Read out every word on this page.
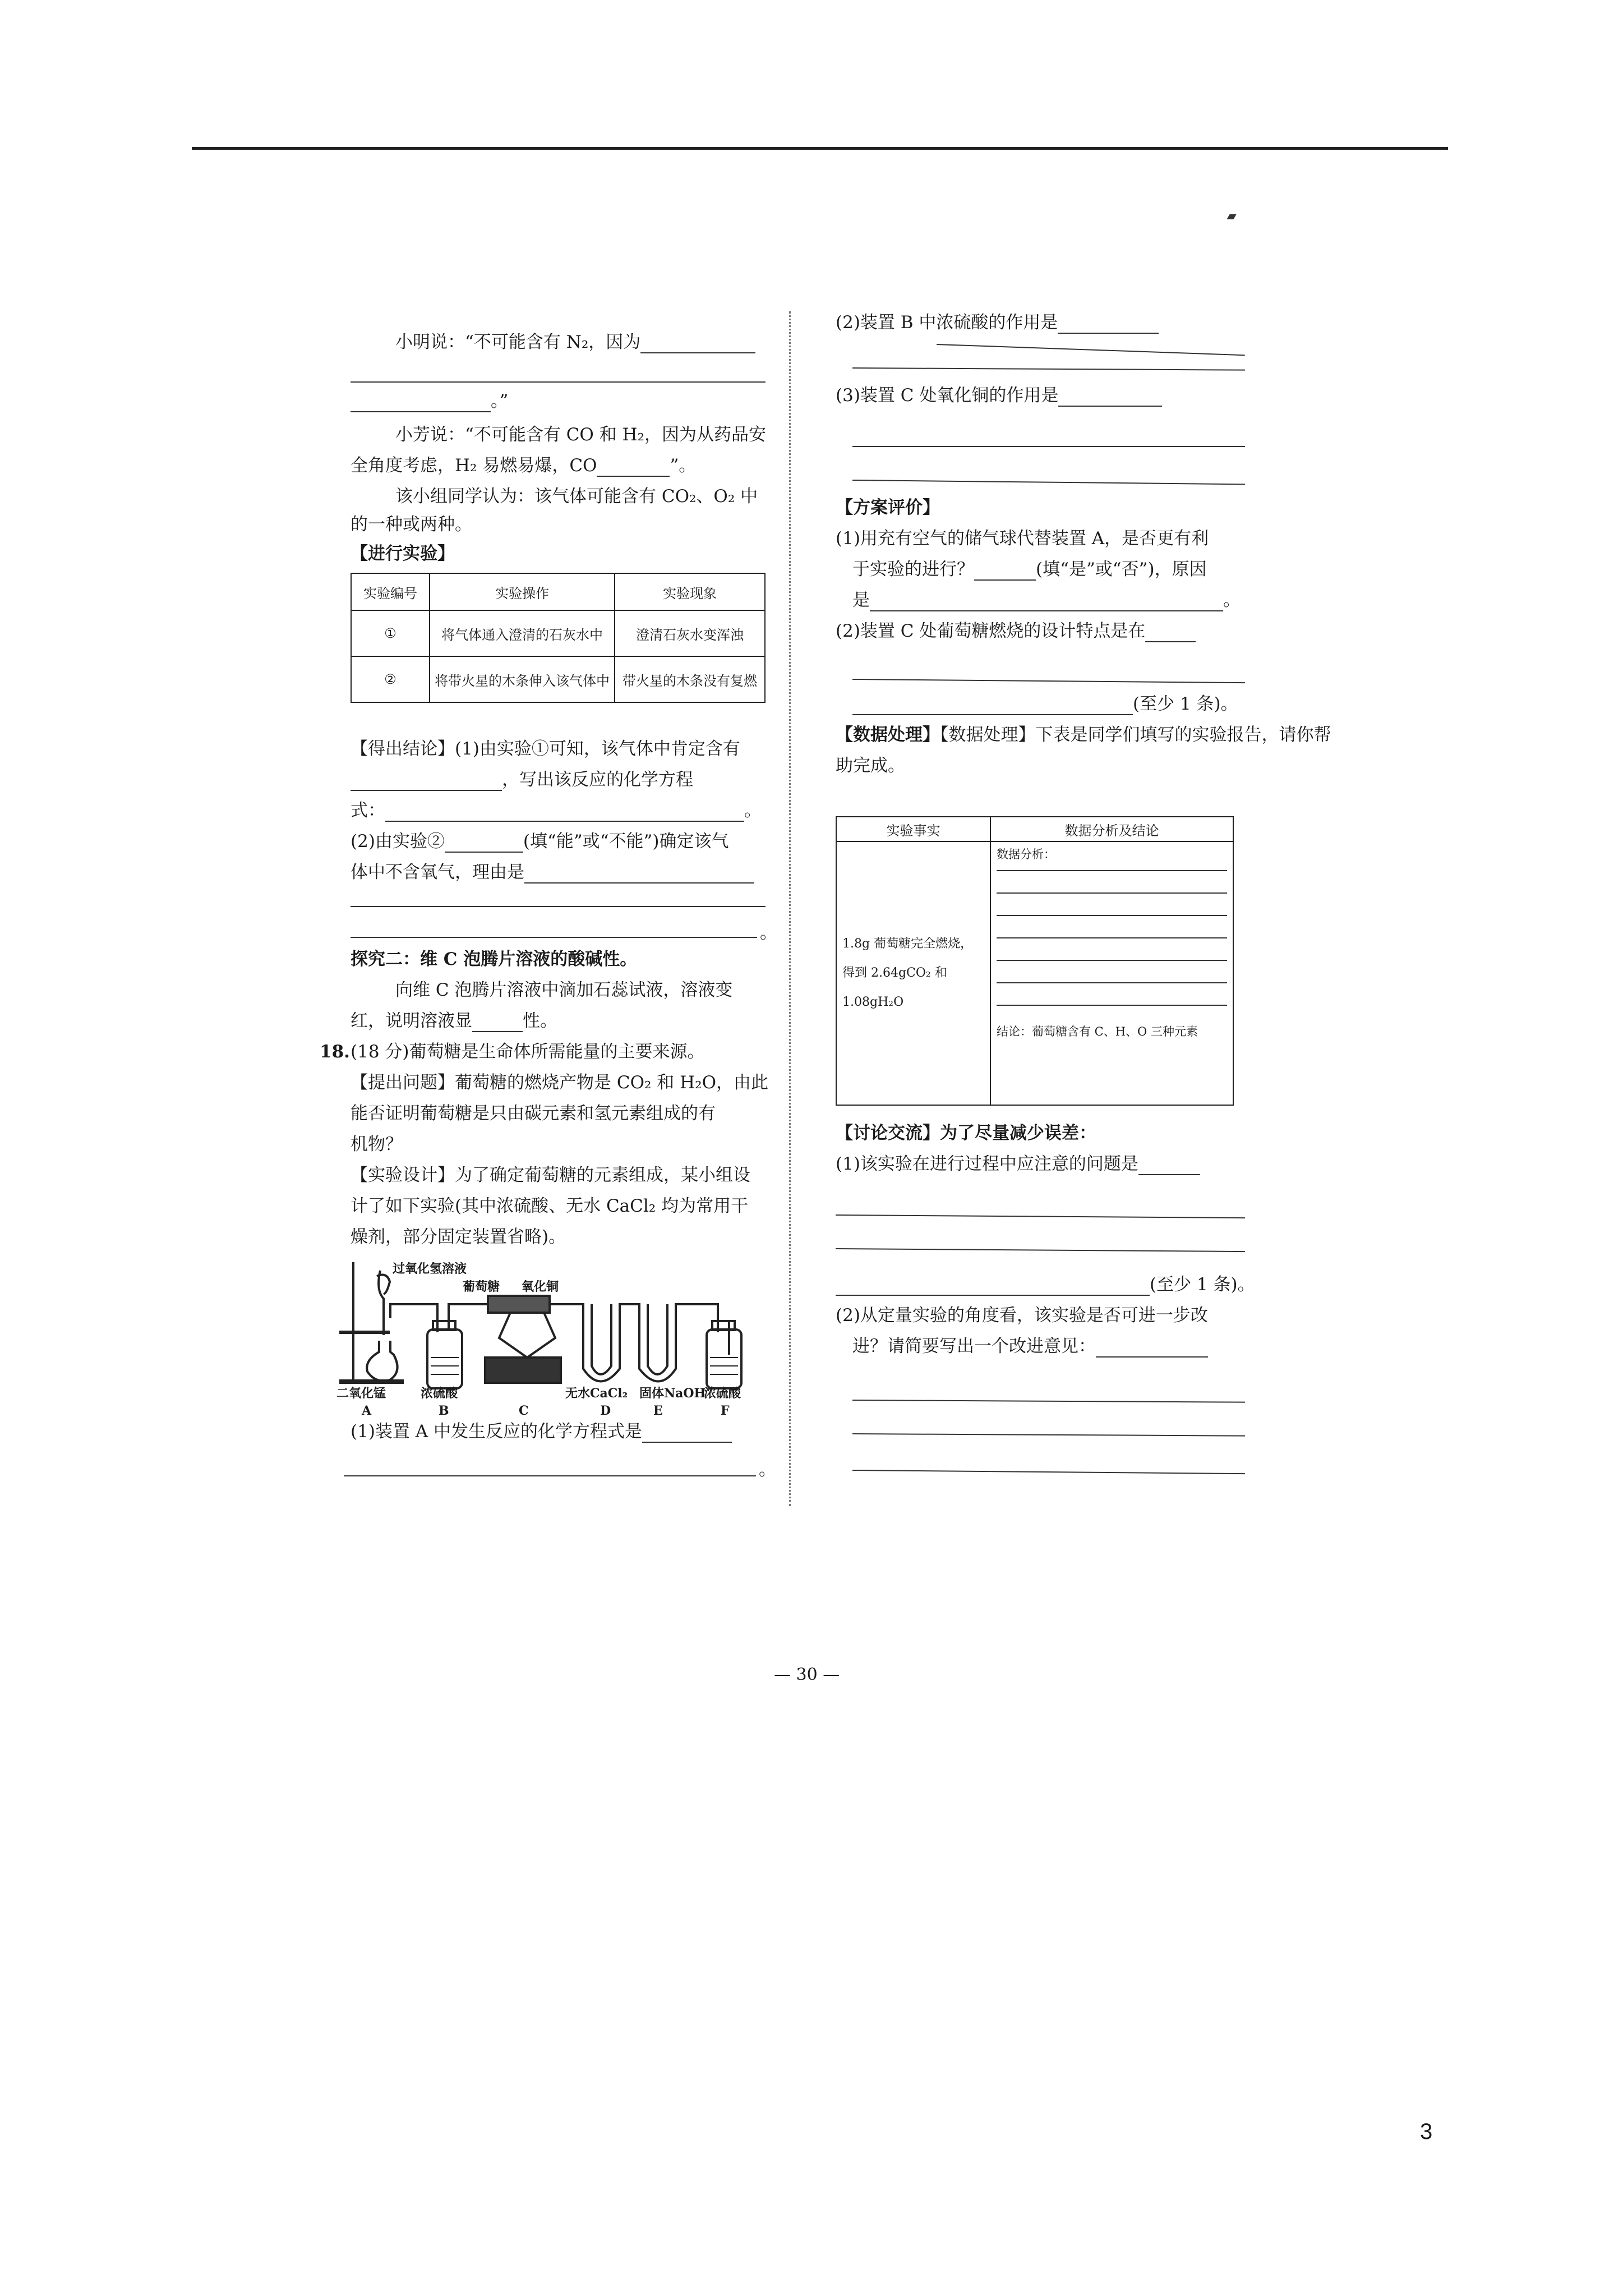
小明说：“不可能含有 N₂，因为
。”
小芳说：“不可能含有 CO 和 H₂，因为从药品安
全角度考虑，H₂ 易燃易爆，CO	”。
该小组同学认为：该气体可能含有 CO₂、O₂ 中
的一种或两种。
【进行实验】
实验编号	实验操作	实验现象
①	将气体通入澄清的石灰水中	澄清石灰水变浑浊
②	将带火星的木条伸入该气体中	带火星的木条没有复燃
【得出结论】(1)由实验①可知，该气体中肯定含有
，写出该反应的化学方程
式：	。
(2)由实验②	(填“能”或“不能”)确定该气
体中不含氧气，理由是
。
探究二：维 C 泡腾片溶液的酸碱性。
向维 C 泡腾片溶液中滴加石蕊试液，溶液变
红，说明溶液显	性。
18. (18 分)葡萄糖是生命体所需能量的主要来源。
【提出问题】葡萄糖的燃烧产物是 CO₂ 和 H₂O，由此
能否证明葡萄糖是只由碳元素和氢元素组成的有
机物？
【实验设计】为了确定葡萄糖的元素组成，某小组设
计了如下实验(其中浓硫酸、无水 CaCl₂ 均为常用干
燥剂，部分固定装置省略)。
过氧化氢溶液
葡萄糖 氧化铜
二氧化锰	浓硫酸	无水CaCl₂ 固体NaOH
浓硫酸
A	B	C	D	E	F
(1)装置 A 中发生反应的化学方程式是
。
(2)装置 B 中浓硫酸的作用是
(3)装置 C 处氧化铜的作用是
【方案评价】
(1)用充有空气的储气球代替装置 A，是否更有利
于实验的进行？	(填“是”或“否”)，原因
是	。
(2)装置 C 处葡萄糖燃烧的设计特点是在
(至少 1 条)。
【数据处理】【数据处理】下表是同学们填写的实验报告，请你帮
助完成。
实验事实	数据分析及结论
1.8g 葡萄糖完全燃烧，得到 2.64gCO₂ 和 1.08gH₂O	数据分析：
结论：葡萄糖含有 C、H、O 三种元素
【讨论交流】为了尽量减少误差：
(1)该实验在进行过程中应注意的问题是
(至少 1 条)。
(2)从定量实验的角度看，该实验是否可进一步改
进？请简要写出一个改进意见：
— 30 —
3
